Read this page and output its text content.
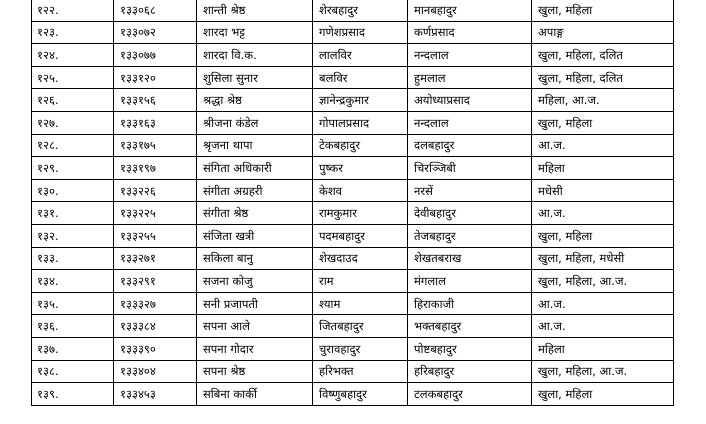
१२२.	१३३०६८	शान्ती श्रेष्ठ	शेरबहादुर	मानबहादुर	खुला, महिला
१२३.	१३३०७२	शारदा भट्ट	गणेशप्रसाद	कर्णप्रसाद	अपाङ्ग
१२४.	१३३०७७	शारदा वि.क.	लालविर	नन्दलाल	खुला, महिला, दलित
१२५.	१३३१२०	शुसिला सुनार	बलविर	हुमलाल	खुला, महिला, दलित
१२६.	१३३१५६	श्रद्धा श्रेष्ठ	ज्ञानेन्द्रकुमार	अयोध्याप्रसाद	महिला, आ.ज.
१२७.	१३३१६३	श्रीजना कंडेल	गोपालप्रसाद	नन्दलाल	खुला, महिला
१२८.	१३३१७५	श्रृजना थापा	टेकबहादुर	दलबहादुर	आ.ज.
१२९.	१३३१९७	संगिता अधिकारी	पुष्कर	चिरञ्जिबी	महिला
१३०.	१३३२२६	संगीता अग्रहरी	केशव	नरसें	मधेसी
१३१.	१३३२२५	संगीता श्रेष्ठ	रामकुमार	देवीबहादुर	आ.ज.
१३२.	१३३२५५	संजिता खत्री	पदमबहादुर	तेजबहादुर	खुला, महिला
१३३.	१३३२७१	सकिला बानु	शेखदाउद	शेखतबराख	खुला, महिला, मधेसी
१३४.	१३३२९१	सजना कोजु	राम	मंगलाल	खुला, महिला, आ.ज.
१३५.	१३३३२७	सनी प्रजापती	श्याम	हिराकाजी	आ.ज.
१३६.	१३३३८४	सपना आले	जितबहादुर	भक्तबहादुर	आ.ज.
१३७.	१३३३९०	सपना गोदार	चुरावहादुर	पोष्टबहादुर	महिला
१३८.	१३३४०४	सपना श्रेष्ठ	हरिभक्त	हरिबहादुर	खुला, महिला, आ.ज.
१३९.	१३३४५३	सबिना कार्की	विष्णुबहादुर	टलकबहादुर	खुला, महिला
